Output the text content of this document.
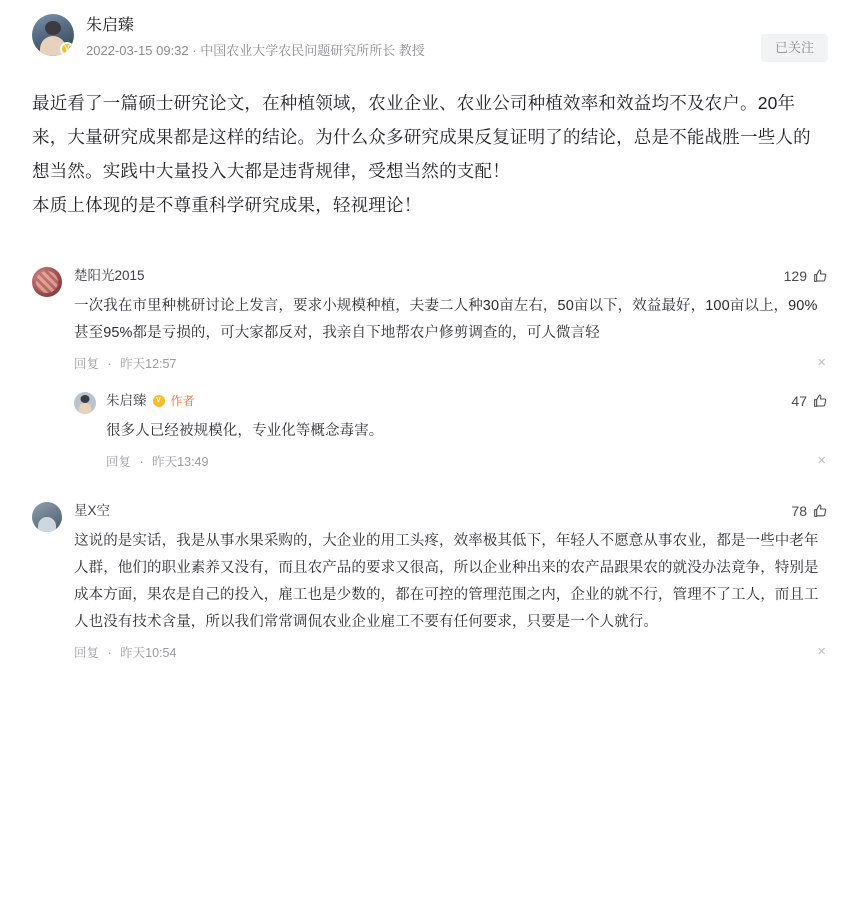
V
朱启臻
2022-03-15 09:32 · 中国农业大学农民问题研究所所长 教授	已关注

最近看了一篇硕士研究论文，在种植领域，农业企业、农业公司种植效率和效益均不及农户。20年来，大量研究成果都是这样的结论。为什么众多研究成果反复证明了的结论，总是不能战胜一些人的想当然。实践中大量投入大都是违背规律，受想当然的支配！

本质上体现的是不尊重科学研究成果，轻视理论！

楚阳光2015	129
一次我在市里种桃研讨论上发言，要求小规模种植，夫妻二人种30亩左右，50亩以下，效益最好，100亩以上，90%甚至95%都是亏损的，可大家都反对，我亲自下地帮农户修剪调查的，可人微言轻
回复 · 昨天12:57	×
朱启臻 V 作者	47
很多人已经被规模化，专业化等概念毒害。
回复 · 昨天13:49	×
星X空	78
这说的是实话，我是从事水果采购的，大企业的用工头疼，效率极其低下，年轻人不愿意从事农业，都是一些中老年人群，他们的职业素养又没有，而且农产品的要求又很高，所以企业种出来的农产品跟果农的就没办法竟争，特别是成本方面，果农是自己的投入，雇工也是少数的，都在可控的管理范围之内，企业的就不行，管理不了工人，而且工人也没有技术含量，所以我们常常调侃农业企业雇工不要有任何要求，只要是一个人就行。
回复 · 昨天10:54	×
